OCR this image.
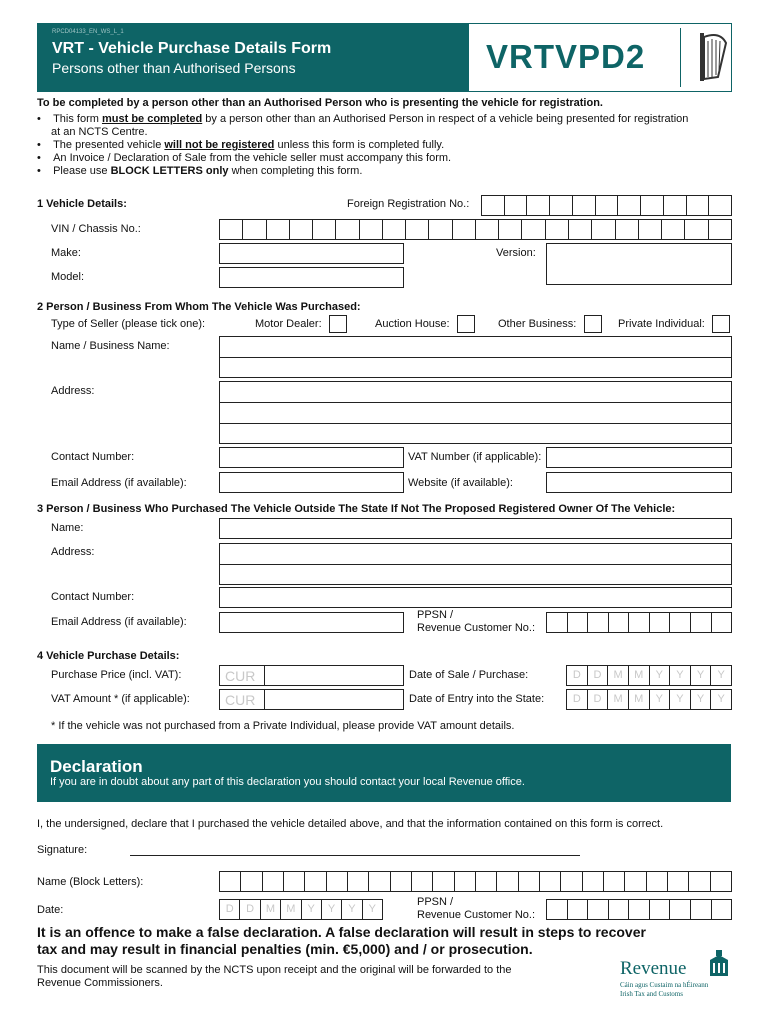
RPCD04133_EN_WS_L_1
VRT - Vehicle Purchase Details Form
Persons other than Authorised Persons	VRTVPD2
To be completed by a person other than an Authorised Person who is presenting the vehicle for registration.
•    This form must be completed by a person other than an Authorised Person in respect of a vehicle being presented for registration
at an NCTS Centre.
•    The presented vehicle will not be registered unless this form is completed fully.
•    An Invoice / Declaration of Sale from the vehicle seller must accompany this form.
•    Please use BLOCK LETTERS only when completing this form.
1 Vehicle Details:	Foreign Registration No.:
VIN / Chassis No.:
Make:	Version:
Model:
2 Person / Business From Whom The Vehicle Was Purchased:
Type of Seller (please tick one):	Motor Dealer:	Auction House:	Other Business:	Private Individual:
Name / Business Name:
Address:
Contact Number:	VAT Number (if applicable):
Email Address (if available):	Website (if available):
3 Person / Business Who Purchased The Vehicle Outside The State If Not The Proposed Registered Owner Of The Vehicle:
Name:
Address:
Contact Number:
Email Address (if available):
PPSN /
Revenue Customer No.:
4 Vehicle Purchase Details:
Purchase Price (incl. VAT):	CUR	Date of Sale / Purchase:	D	D	M	M	Y	Y	Y	Y
VAT Amount * (if applicable):	CUR	Date of Entry into the State:	D	D	M	M	Y	Y	Y	Y
* If the vehicle was not purchased from a Private Individual, please provide VAT amount details.
Declaration
If you are in doubt about any part of this declaration you should contact your local Revenue office.
I, the undersigned, declare that I purchased the vehicle detailed above, and that the information contained on this form is correct.
Signature:
Name (Block Letters):
Date:	D	D	M	M	Y	Y	Y	Y
PPSN /
Revenue Customer No.:
It is an offence to make a false declaration. A false declaration will result in steps to recover
tax and may result in financial penalties (min. €5,000) and / or prosecution.
This document will be scanned by the NCTS upon receipt and the original will be forwarded to the
Revenue Commissioners.
Revenue
Cáin agus Custaim na hÉireann
Irish Tax and Customs
